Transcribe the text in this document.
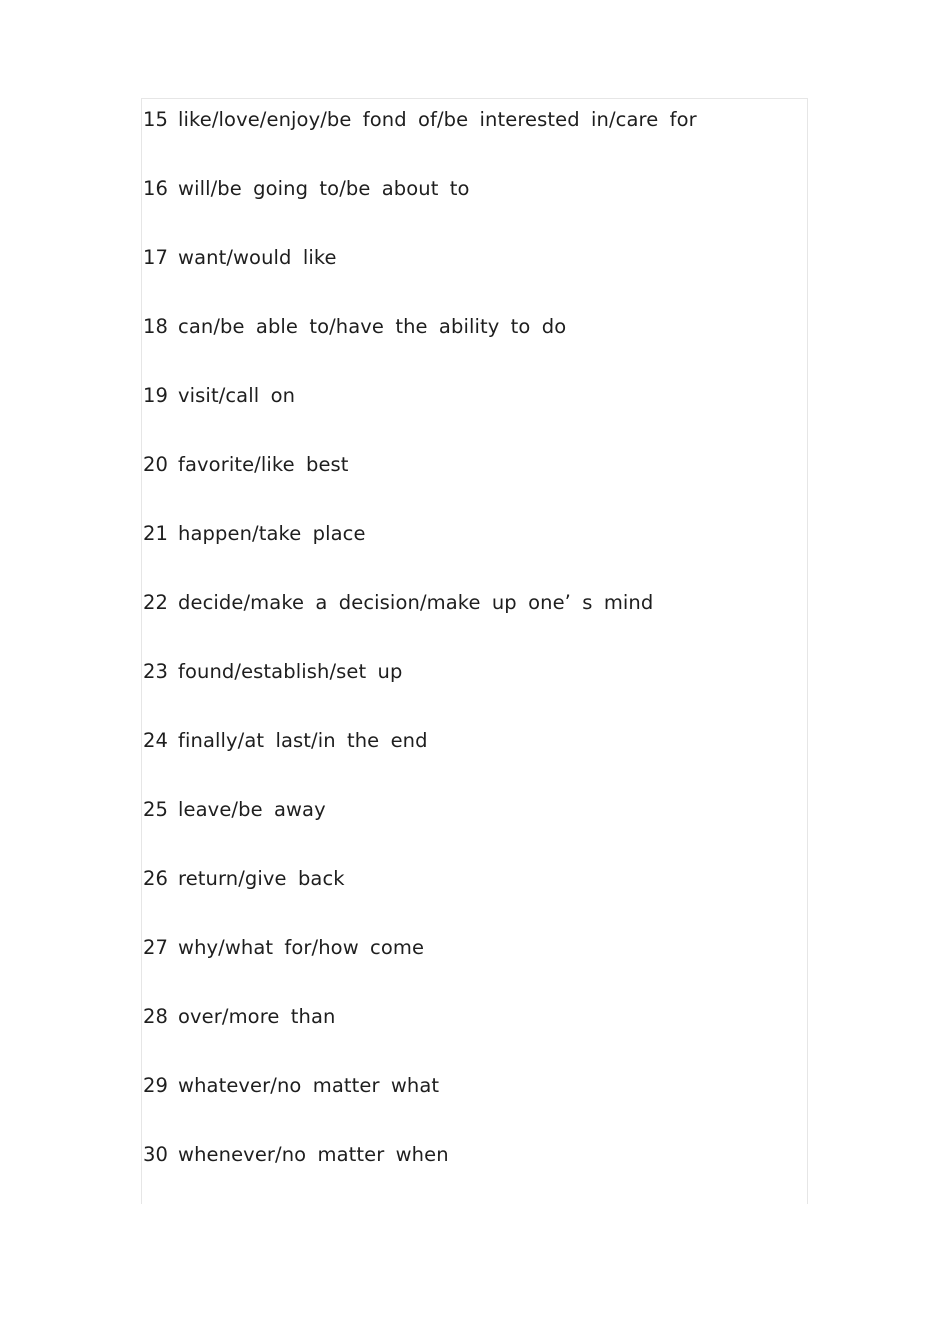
15 like/love/enjoy/be fond of/be interested in/care for
16 will/be going to/be about to
17 want/would like
18 can/be able to/have the ability to do
19 visit/call on
20 favorite/like best
21 happen/take place
22 decide/make a decision/make up one’ s mind
23 found/establish/set up
24 finally/at last/in the end
25 leave/be away
26 return/give back
27 why/what for/how come
28 over/more than
29 whatever/no matter what
30 whenever/no matter when
